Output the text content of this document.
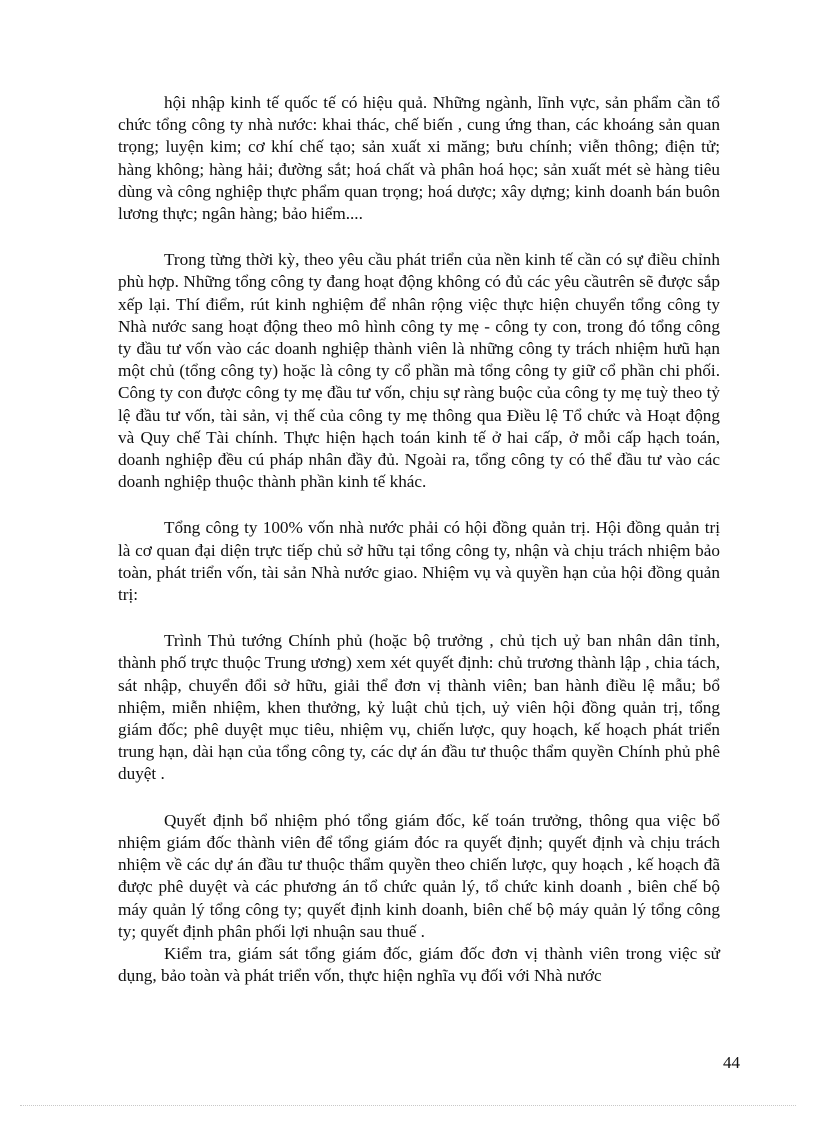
hội nhập kinh tế quốc tế có hiệu quả. Những ngành, lĩnh vực, sản phẩm cần tổ chức tổng công ty nhà nước: khai thác, chế biến , cung ứng than, các khoáng sản quan trọng; luyện kim; cơ khí chế tạo; sản xuất xi măng; bưu chính; viễn thông; điện tử; hàng không; hàng hải; đường sắt; hoá chất và phân hoá học; sản xuất mét sè hàng tiêu dùng và công nghiệp thực phẩm quan trọng; hoá dược; xây dựng; kinh doanh bán buôn lương thực; ngân hàng; bảo hiểm....

Trong từng thời kỳ, theo yêu cầu phát triển của nền kinh tế cần có sự điều chỉnh phù hợp. Những tổng công ty đang hoạt động không có đủ các yêu cầutrên sẽ được sắp xếp lại. Thí điểm, rút kinh nghiệm để nhân rộng việc thực hiện chuyển tổng công ty Nhà nước sang hoạt động theo mô hình công ty mẹ - công ty con, trong đó tổng công ty đầu tư vốn vào các doanh nghiệp thành viên là những công ty trách nhiệm hưũ hạn một chủ (tổng công ty) hoặc là công ty cổ phần mà tổng công ty giữ cổ phần chi phối. Công ty con được công ty mẹ đầu tư vốn, chịu sự ràng buộc của công ty mẹ tuỳ theo tỷ lệ đầu tư vốn, tài sản, vị thế của công ty mẹ thông qua Điều lệ Tổ chức và Hoạt động và Quy chế Tài chính. Thực hiện hạch toán kinh tế ở hai cấp, ở mỗi cấp hạch toán, doanh nghiệp đều cú pháp nhân đầy đủ. Ngoài ra, tổng công ty có thể đầu tư vào các doanh nghiệp thuộc thành phần kinh tế khác.

Tổng công ty 100% vốn nhà nước phải có hội đồng quản trị. Hội đồng quản trị là cơ quan đại diện trực tiếp chủ sở hữu tại tổng công ty, nhận và chịu trách nhiệm bảo toàn, phát triển vốn, tài sản Nhà nước giao. Nhiệm vụ và quyền hạn của hội đồng quản trị:

Trình Thủ tướng Chính phủ (hoặc bộ trưởng , chủ tịch uỷ ban nhân dân tỉnh, thành phố trực thuộc Trung ương) xem xét quyết định: chủ trương thành lập , chia tách, sát nhập, chuyển đổi sở hữu, giải thể đơn vị thành viên; ban hành điều lệ mẫu; bổ nhiệm, miễn nhiệm, khen thưởng, kỷ luật chủ tịch, uỷ viên hội đồng quản trị, tổng giám đốc; phê duyệt mục tiêu, nhiệm vụ, chiến lược, quy hoạch, kế hoạch phát triển trung hạn, dài hạn của tổng công ty, các dự án đầu tư thuộc thẩm quyền Chính phủ phê duyệt .

Quyết định bổ nhiệm phó tổng giám đốc, kế toán trưởng, thông qua việc bổ nhiệm giám đốc thành viên để tổng giám đóc ra quyết định; quyết định và chịu trách nhiệm về các dự án đầu tư thuộc thẩm quyền theo chiến lược, quy hoạch , kế hoạch đã được phê duyệt và các phương án tổ chức quản lý, tổ chức kinh doanh , biên chế bộ máy quản lý tổng công ty; quyết định kinh doanh, biên chế bộ máy quản lý tổng công ty; quyết định phân phối lợi nhuận sau thuế .

Kiểm tra, giám sát tổng giám đốc, giám đốc đơn vị thành viên trong việc sử dụng, bảo toàn và phát triển vốn, thực hiện nghĩa vụ đối với Nhà nước

44
